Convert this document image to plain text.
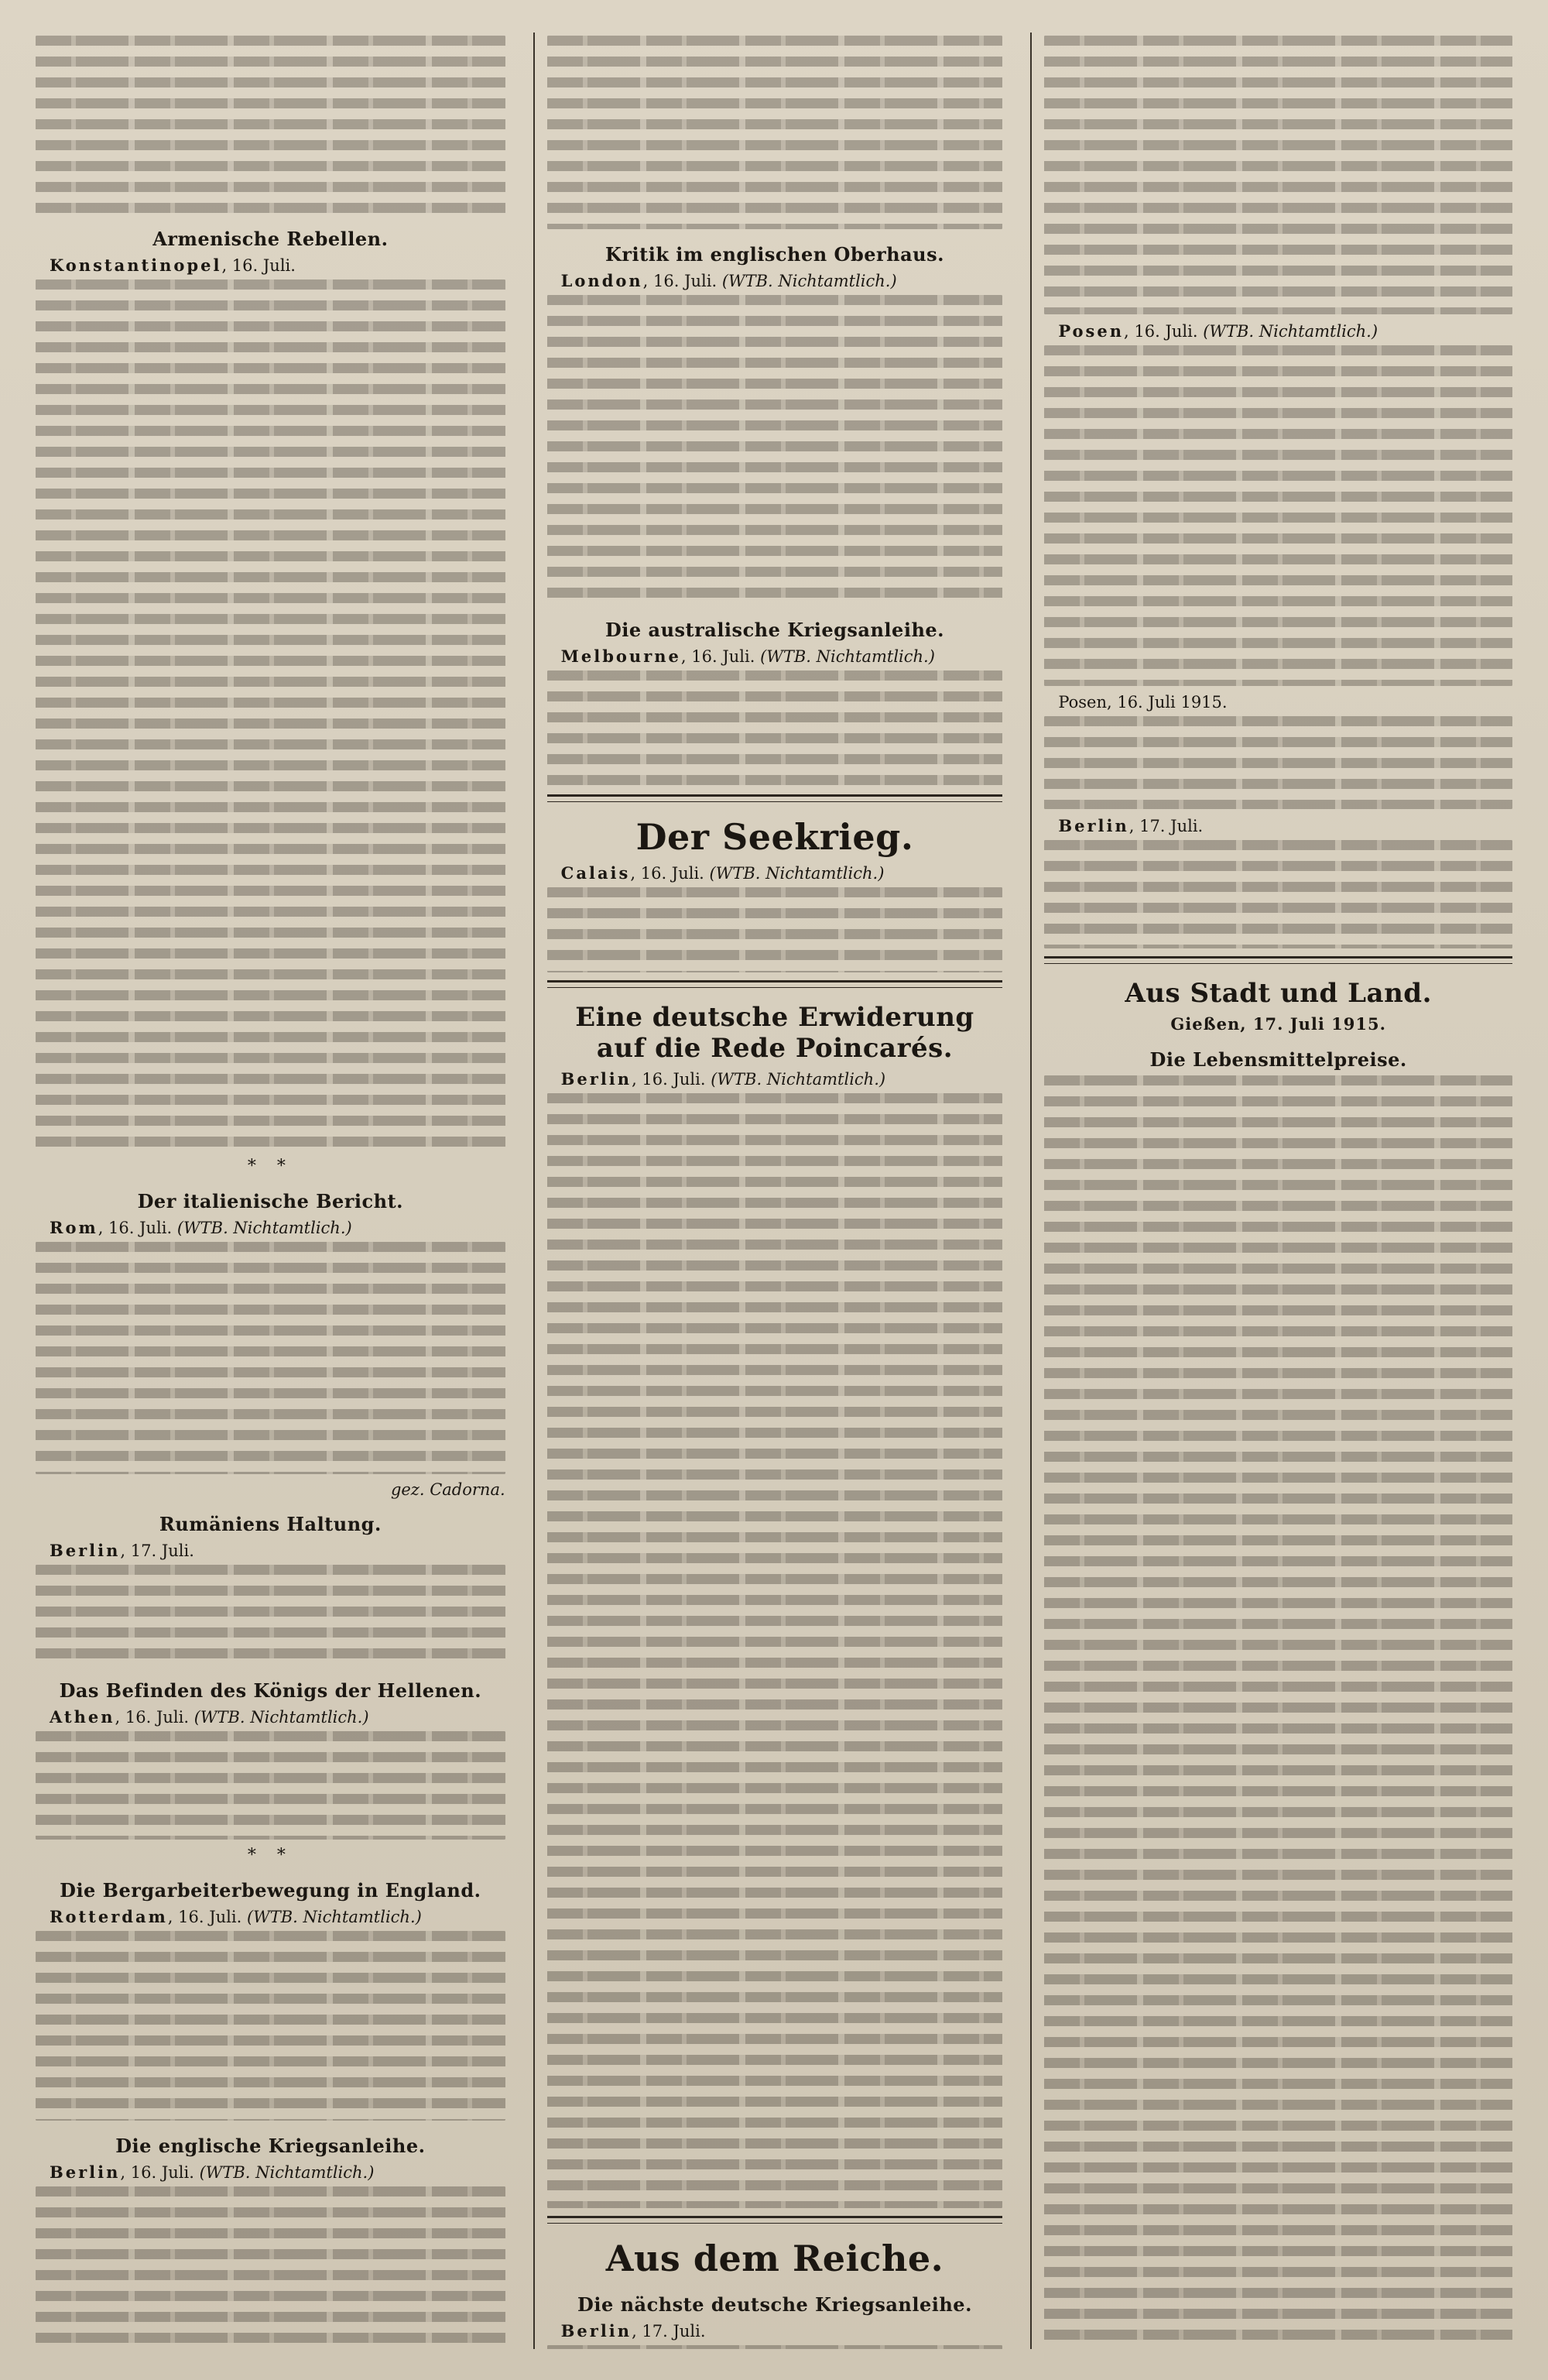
Armenische Rebellen.
Konstantinopel, 16. Juli.
* *
Der italienische Bericht.
Rom, 16. Juli. (WTB. Nichtamtlich.)
gez. Cadorna.
Rumäniens Haltung.
Berlin, 17. Juli.
Das Befinden des Königs der Hellenen.
Athen, 16. Juli. (WTB. Nichtamtlich.)
* *
Die Bergarbeiterbewegung in England.
Rotterdam, 16. Juli. (WTB. Nichtamtlich.)
Die englische Kriegsanleihe.
Berlin, 16. Juli. (WTB. Nichtamtlich.)
Kritik im englischen Oberhaus.
London, 16. Juli. (WTB. Nichtamtlich.)
Die australische Kriegsanleihe.
Melbourne, 16. Juli. (WTB. Nichtamtlich.)
Der Seekrieg.
Calais, 16. Juli. (WTB. Nichtamtlich.)
Eine deutsche Erwiderung auf die Rede Poincarés.
Berlin, 16. Juli. (WTB. Nichtamtlich.)
Aus dem Reiche.
Die nächste deutsche Kriegsanleihe.
Berlin, 17. Juli.
Posen, 16. Juli. (WTB. Nichtamtlich.)
Posen, 16. Juli 1915.
Berlin, 17. Juli.
Aus Stadt und Land.
Gießen, 17. Juli 1915.
Die Lebensmittelpreise.
